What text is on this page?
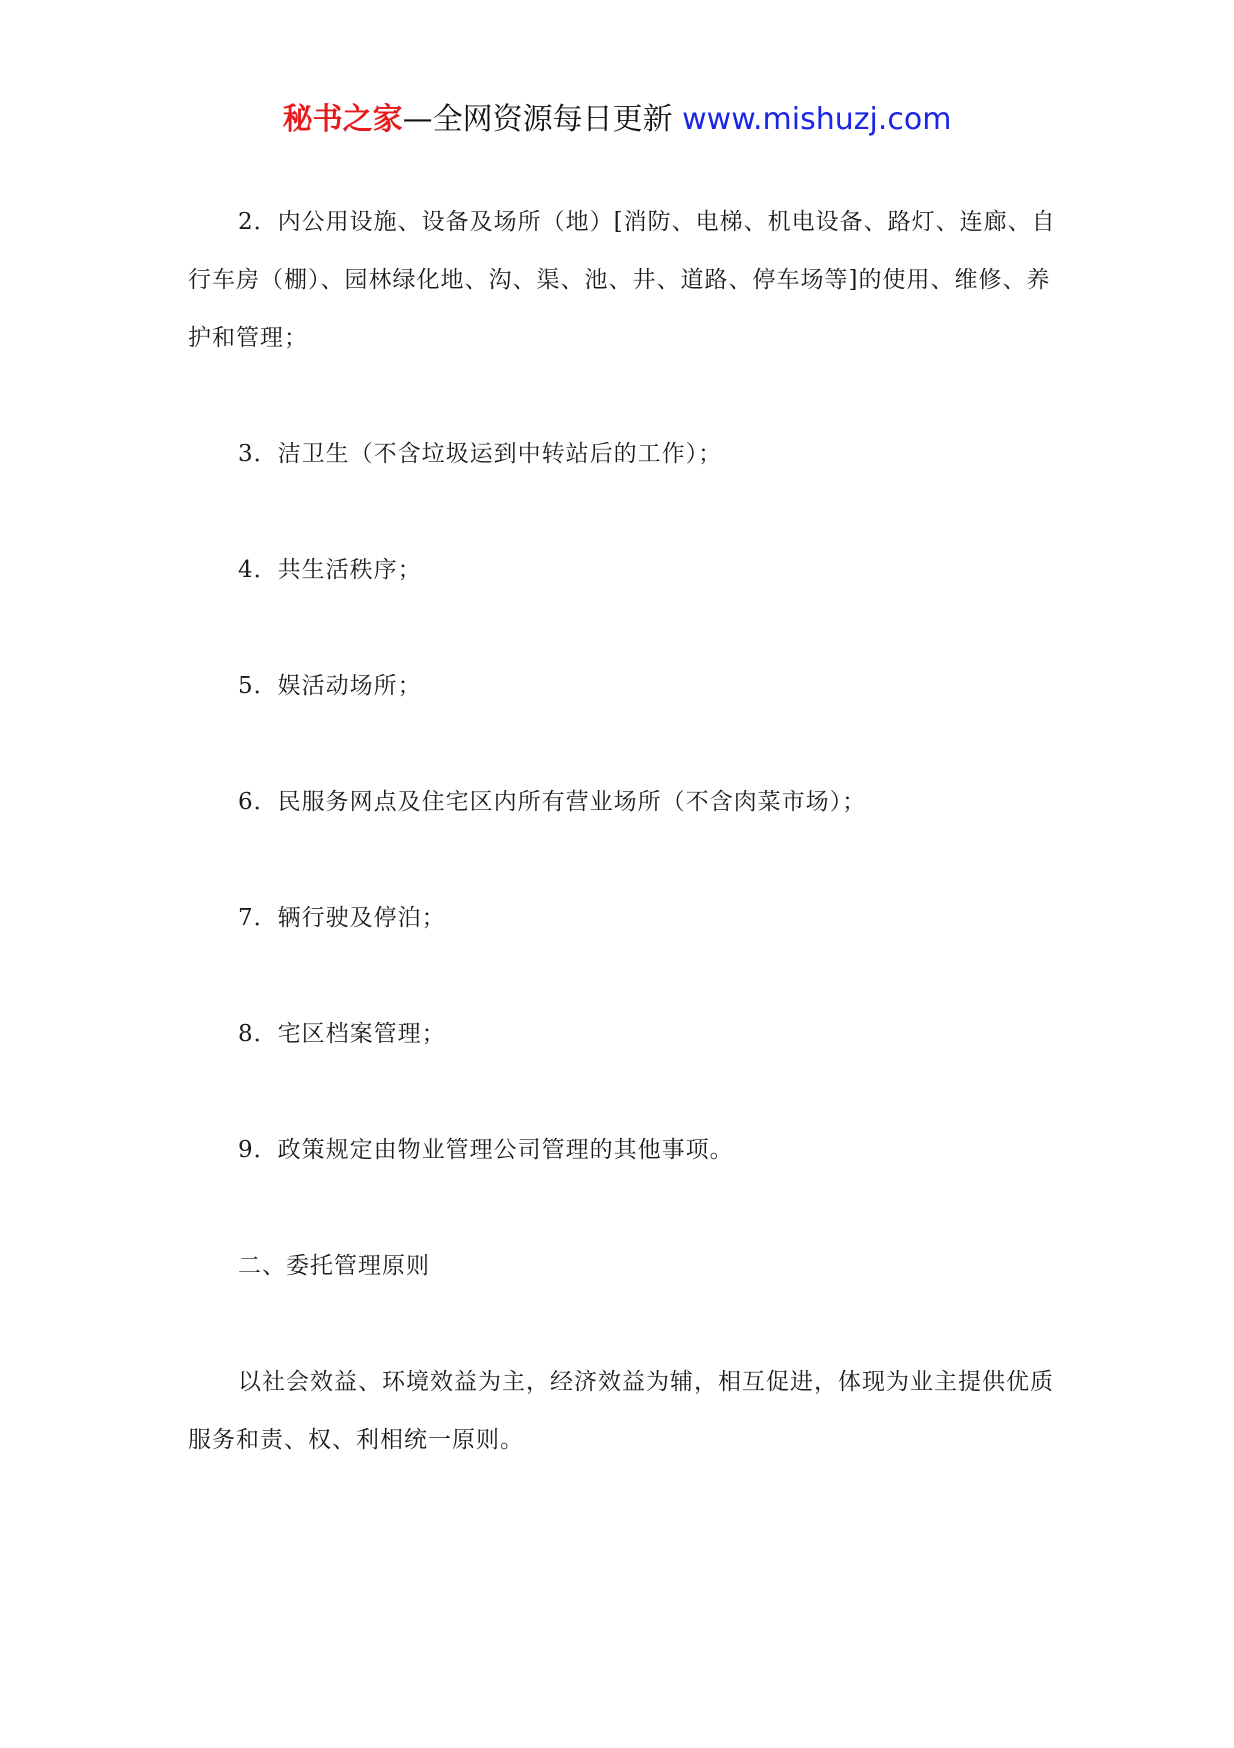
秘书之家—全网资源每日更新 www.mishuzj.com

2．内公用设施、设备及场所（地）[消防、电梯、机电设备、路灯、连廊、自行车房（棚）、园林绿化地、沟、渠、池、井、道路、停车场等]的使用、维修、养护和管理；

3．洁卫生（不含垃圾运到中转站后的工作）；

4．共生活秩序；

5．娱活动场所；

6．民服务网点及住宅区内所有营业场所（不含肉菜市场）；

7．辆行驶及停泊；

8．宅区档案管理；

9．政策规定由物业管理公司管理的其他事项。

二、委托管理原则

以社会效益、环境效益为主，经济效益为辅，相互促进，体现为业主提供优质服务和责、权、利相统一原则。
